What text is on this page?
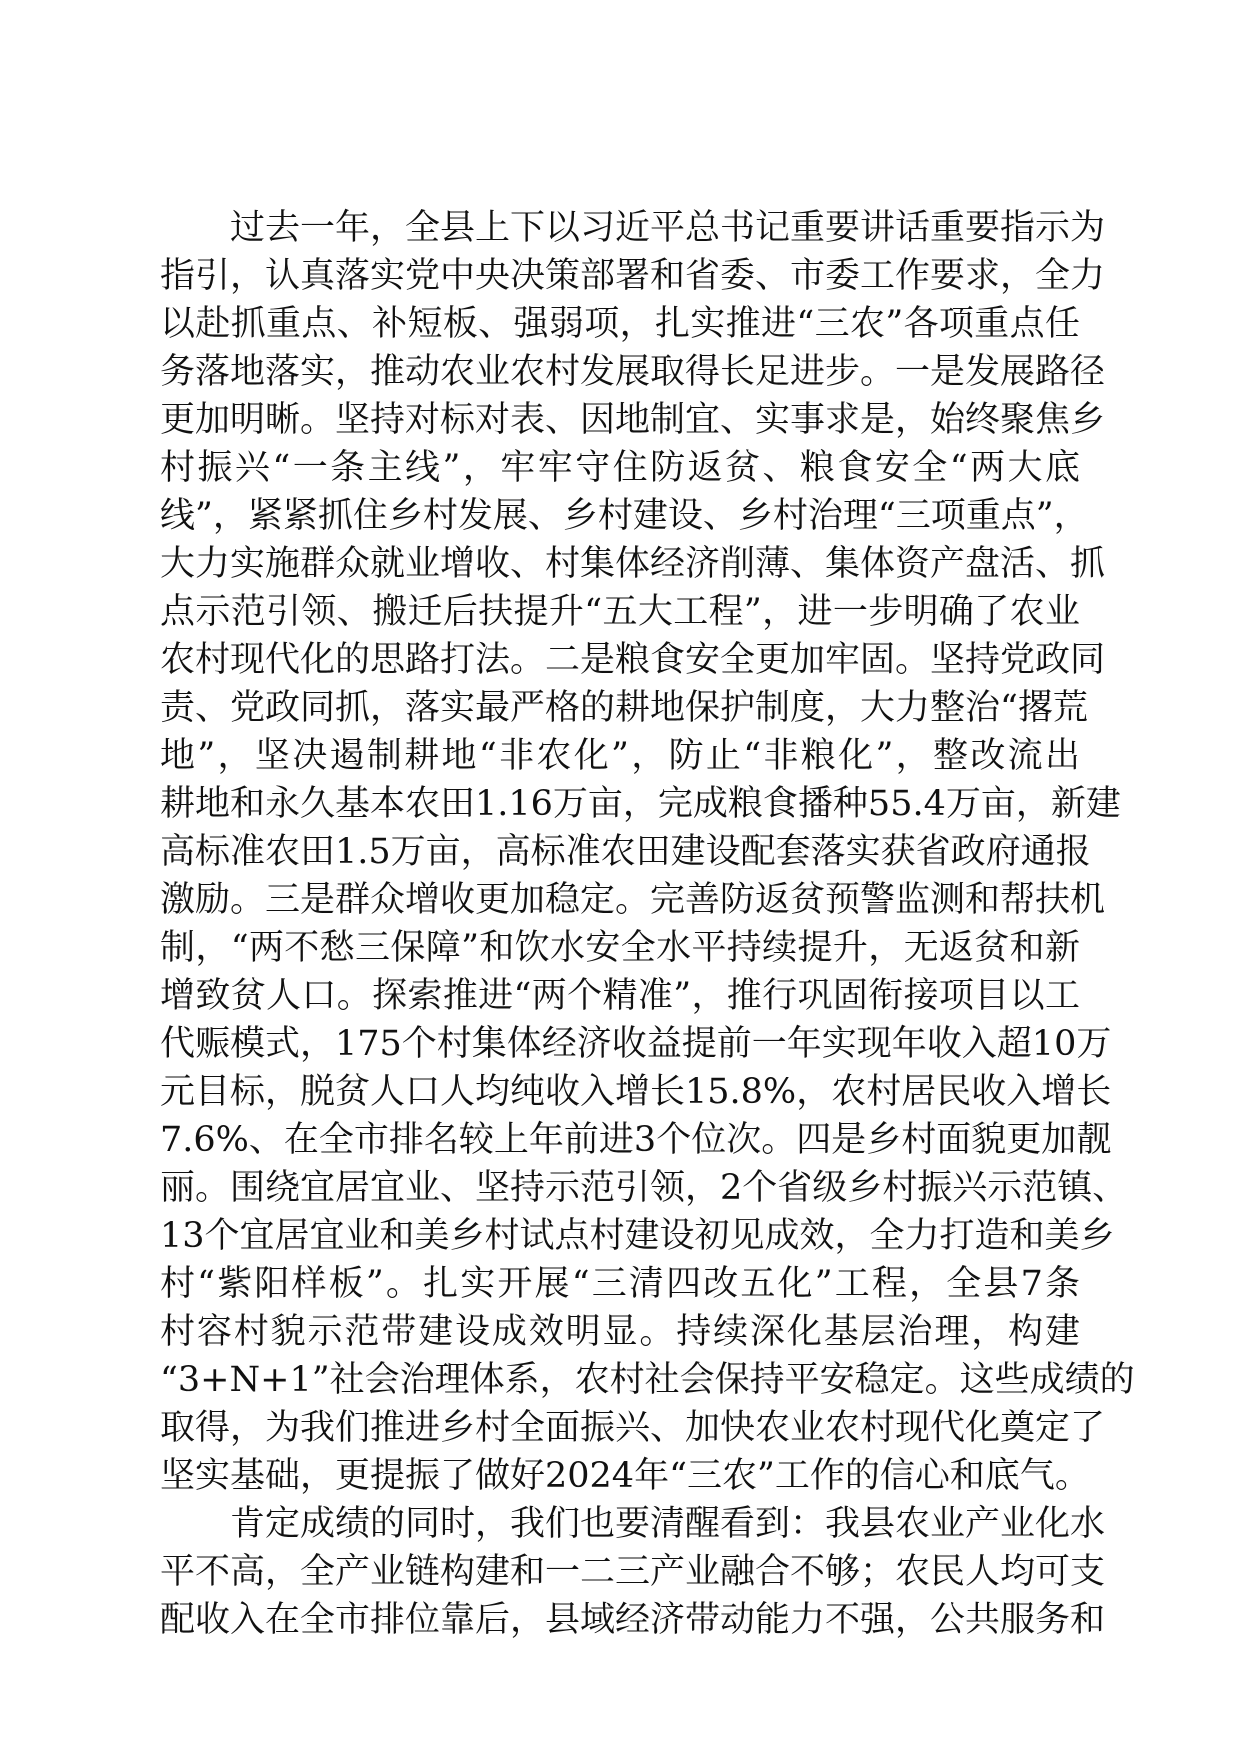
过去一年，全县上下以习近平总书记重要讲话重要指示为
指引，认真落实党中央决策部署和省委、市委工作要求，全力
以赴抓重点、补短板、强弱项，扎实推进“三农”各项重点任
务落地落实，推动农业农村发展取得长足进步。一是发展路径
更加明晰。坚持对标对表、因地制宜、实事求是，始终聚焦乡
村振兴“一条主线”，牢牢守住防返贫、粮食安全“两大底
线”，紧紧抓住乡村发展、乡村建设、乡村治理“三项重点”，
大力实施群众就业增收、村集体经济削薄、集体资产盘活、抓
点示范引领、搬迁后扶提升“五大工程”，进一步明确了农业
农村现代化的思路打法。二是粮食安全更加牢固。坚持党政同
责、党政同抓，落实最严格的耕地保护制度，大力整治“撂荒
地”，坚决遏制耕地“非农化”，防止“非粮化”，整改流出
耕地和永久基本农田1.16万亩，完成粮食播种55.4万亩，新建
高标准农田1.5万亩，高标准农田建设配套落实获省政府通报
激励。三是群众增收更加稳定。完善防返贫预警监测和帮扶机
制，“两不愁三保障”和饮水安全水平持续提升，无返贫和新
增致贫人口。探索推进“两个精准”，推行巩固衔接项目以工
代赈模式，175个村集体经济收益提前一年实现年收入超10万
元目标，脱贫人口人均纯收入增长15.8%，农村居民收入增长
7.6%、在全市排名较上年前进3个位次。四是乡村面貌更加靓
丽。围绕宜居宜业、坚持示范引领，2个省级乡村振兴示范镇、
13个宜居宜业和美乡村试点村建设初见成效，全力打造和美乡
村“紫阳样板”。扎实开展“三清四改五化”工程，全县7条
村容村貌示范带建设成效明显。持续深化基层治理，构建
“3+N+1”社会治理体系，农村社会保持平安稳定。这些成绩的
取得，为我们推进乡村全面振兴、加快农业农村现代化奠定了
坚实基础，更提振了做好2024年“三农”工作的信心和底气。
肯定成绩的同时，我们也要清醒看到：我县农业产业化水
平不高，全产业链构建和一二三产业融合不够；农民人均可支
配收入在全市排位靠后，县域经济带动能力不强，公共服务和
